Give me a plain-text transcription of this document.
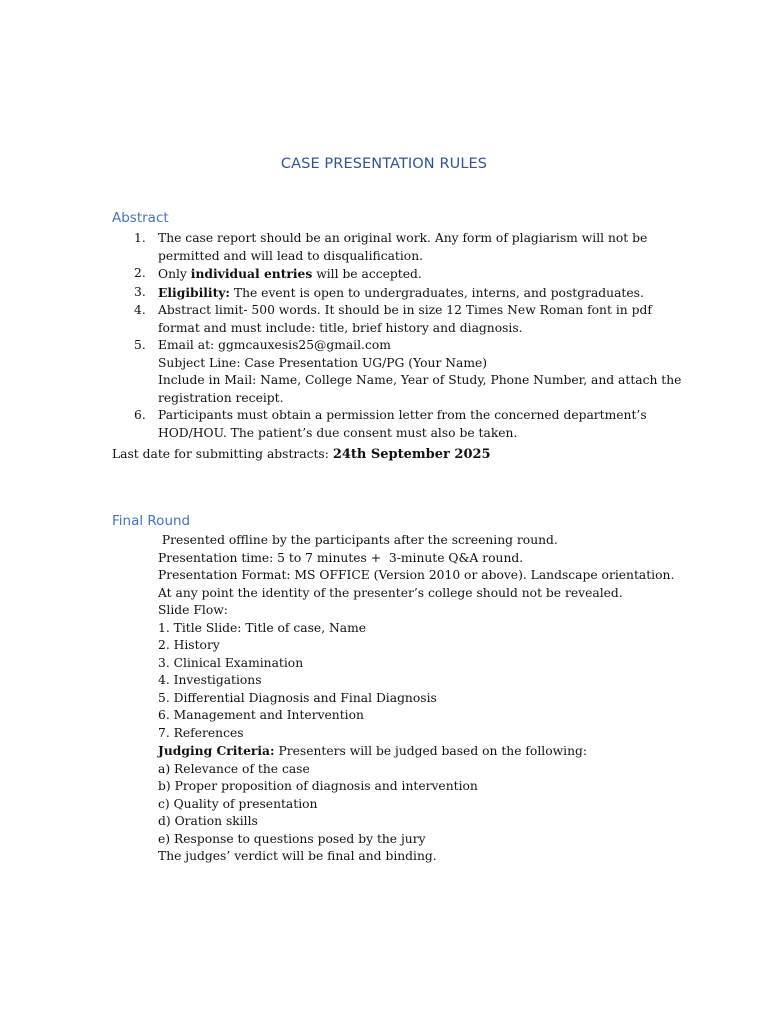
CASE PRESENTATION RULES
Abstract
1. The case report should be an original work. Any form of plagiarism will not be
permitted and will lead to disqualification.
2. Only individual entries will be accepted.
3. Eligibility: The event is open to undergraduates, interns, and postgraduates.
4. Abstract limit- 500 words. It should be in size 12 Times New Roman font in pdf
format and must include: title, brief history and diagnosis.
5. Email at: ggmcauxesis25@gmail.com
Subject Line: Case Presentation UG/PG (Your Name)
Include in Mail: Name, College Name, Year of Study, Phone Number, and attach the
registration receipt.
6. Participants must obtain a permission letter from the concerned department’s
HOD/HOU. The patient’s due consent must also be taken.
Last date for submitting abstracts: 24th September 2025
Final Round
Presented offline by the participants after the screening round.
Presentation time: 5 to 7 minutes +  3-minute Q&A round.
Presentation Format: MS OFFICE (Version 2010 or above). Landscape orientation.
At any point the identity of the presenter’s college should not be revealed.
Slide Flow:
1. Title Slide: Title of case, Name
2. History
3. Clinical Examination
4. Investigations
5. Differential Diagnosis and Final Diagnosis
6. Management and Intervention
7. References
Judging Criteria: Presenters will be judged based on the following:
a) Relevance of the case
b) Proper proposition of diagnosis and intervention
c) Quality of presentation
d) Oration skills
e) Response to questions posed by the jury
The judges’ verdict will be final and binding.
